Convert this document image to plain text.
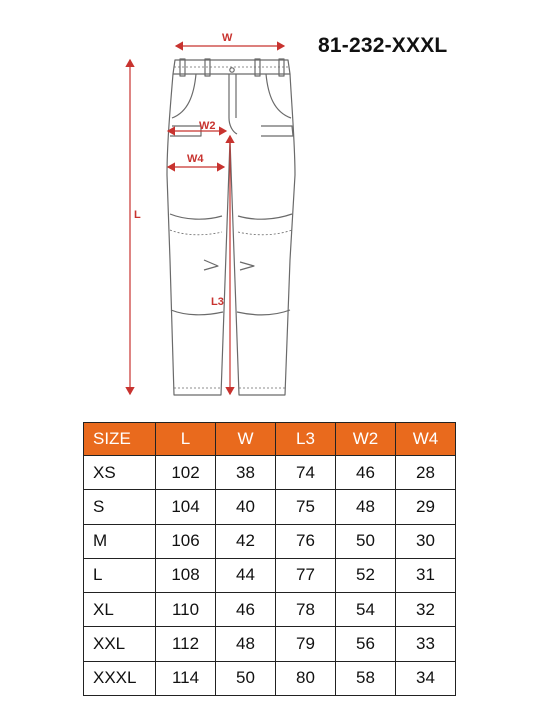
W
L
W2
W4
L3
81-232-XXXL
SIZE	L	W	L3	W2	W4
XS	102	38	74	46	28
S	104	40	75	48	29
M	106	42	76	50	30
L	108	44	77	52	31
XL	110	46	78	54	32
XXL	112	48	79	56	33
XXXL	114	50	80	58	34
